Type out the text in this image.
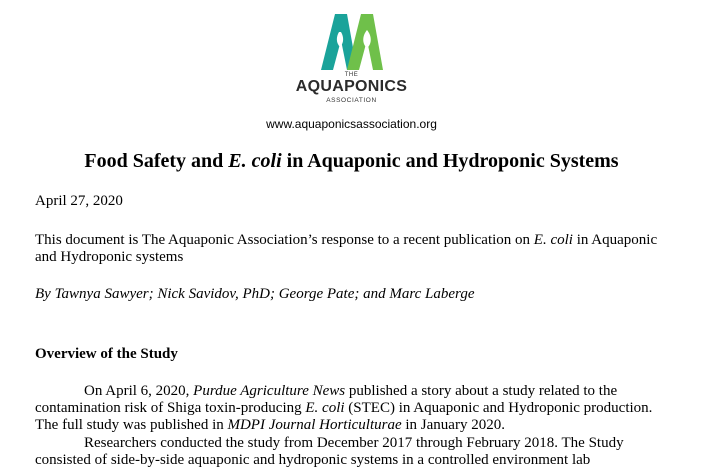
THE
AQUAPONICS
ASSOCIATION
www.aquaponicsassociation.org
Food Safety and E. coli in Aquaponic and Hydroponic Systems
April 27, 2020
This document is The Aquaponic Association’s response to a recent publication on E. coli in Aquaponic and Hydroponic systems
By Tawnya Sawyer; Nick Savidov, PhD; George Pate; and Marc Laberge
Overview of the Study
On April 6, 2020, Purdue Agriculture News published a story about a study related to the contamination risk of Shiga toxin-producing E. coli (STEC) in Aquaponic and Hydroponic production. The full study was published in MDPI Journal Horticulturae in January 2020.
Researchers conducted the study from December 2017 through February 2018. The Study consisted of side-by-side aquaponic and hydroponic systems in a controlled environment lab
